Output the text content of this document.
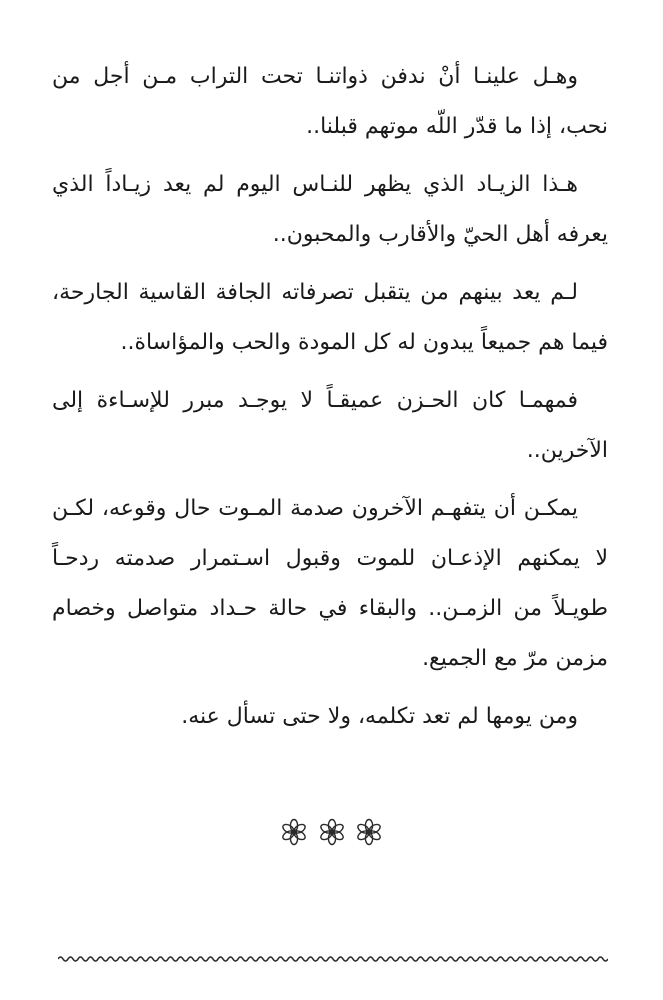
وهـل علينـا أنْ ندفن ذواتنـا تحت التراب مـن أجل من نحب، إذا ما قدّر اللّه موتهم قبلنا..

هـذا الزيـاد الذي يظهر للنـاس اليوم لم يعد زيـاداً الذي يعرفه أهل الحيّ والأقارب والمحبون..

لـم يعد بينهم من يتقبل تصرفاته الجافة القاسية الجارحة، فيما هم جميعاً يبدون له كل المودة والحب والمؤاساة..

فمهمـا كان الحـزن عميقـاً لا يوجـد مبرر للإسـاءة إلى الآخرين..

يمكـن أن يتفهـم الآخرون صدمة المـوت حال وقوعه، لكـن لا يمكنهم الإذعـان للموت وقبول اسـتمرار صدمته ردحـاً طويـلاً من الزمـن.. والبقاء في حالة حـداد متواصل وخصام مزمن مرّ مع الجميع.

ومن يومها لم تعد تكلمه، ولا حتى تسأل عنه.
